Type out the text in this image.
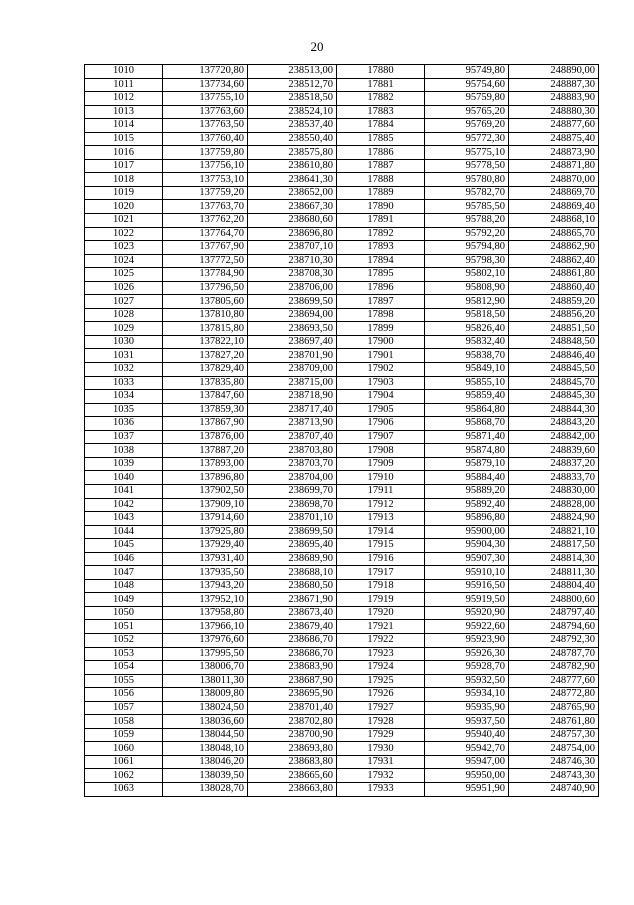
20
1010	137720,80	238513,00	17880	95749,80	248890,00
1011	137734,60	238512,70	17881	95754,60	248887,30
1012	137755,10	238518,50	17882	95759,80	248883,90
1013	137763,60	238524,10	17883	95765,20	248880,30
1014	137763,50	238537,40	17884	95769,20	248877,60
1015	137760,40	238550,40	17885	95772,30	248875,40
1016	137759,80	238575,80	17886	95775,10	248873,90
1017	137756,10	238610,80	17887	95778,50	248871,80
1018	137753,10	238641,30	17888	95780,80	248870,00
1019	137759,20	238652,00	17889	95782,70	248869,70
1020	137763,70	238667,30	17890	95785,50	248869,40
1021	137762,20	238680,60	17891	95788,20	248868,10
1022	137764,70	238696,80	17892	95792,20	248865,70
1023	137767,90	238707,10	17893	95794,80	248862,90
1024	137772,50	238710,30	17894	95798,30	248862,40
1025	137784,90	238708,30	17895	95802,10	248861,80
1026	137796,50	238706,00	17896	95808,90	248860,40
1027	137805,60	238699,50	17897	95812,90	248859,20
1028	137810,80	238694,00	17898	95818,50	248856,20
1029	137815,80	238693,50	17899	95826,40	248851,50
1030	137822,10	238697,40	17900	95832,40	248848,50
1031	137827,20	238701,90	17901	95838,70	248846,40
1032	137829,40	238709,00	17902	95849,10	248845,50
1033	137835,80	238715,00	17903	95855,10	248845,70
1034	137847,60	238718,90	17904	95859,40	248845,30
1035	137859,30	238717,40	17905	95864,80	248844,30
1036	137867,90	238713,90	17906	95868,70	248843,20
1037	137876,00	238707,40	17907	95871,40	248842,00
1038	137887,20	238703,80	17908	95874,80	248839,60
1039	137893,00	238703,70	17909	95879,10	248837,20
1040	137896,80	238704,00	17910	95884,40	248833,70
1041	137902,50	238699,70	17911	95889,20	248830,00
1042	137909,10	238698,70	17912	95892,40	248828,00
1043	137914,60	238701,10	17913	95896,80	248824,90
1044	137925,80	238699,50	17914	95900,00	248821,10
1045	137929,40	238695,40	17915	95904,30	248817,50
1046	137931,40	238689,90	17916	95907,30	248814,30
1047	137935,50	238688,10	17917	95910,10	248811,30
1048	137943,20	238680,50	17918	95916,50	248804,40
1049	137952,10	238671,90	17919	95919,50	248800,60
1050	137958,80	238673,40	17920	95920,90	248797,40
1051	137966,10	238679,40	17921	95922,60	248794,60
1052	137976,60	238686,70	17922	95923,90	248792,30
1053	137995,50	238686,70	17923	95926,30	248787,70
1054	138006,70	238683,90	17924	95928,70	248782,90
1055	138011,30	238687,90	17925	95932,50	248777,60
1056	138009,80	238695,90	17926	95934,10	248772,80
1057	138024,50	238701,40	17927	95935,90	248765,90
1058	138036,60	238702,80	17928	95937,50	248761,80
1059	138044,50	238700,90	17929	95940,40	248757,30
1060	138048,10	238693,80	17930	95942,70	248754,00
1061	138046,20	238683,80	17931	95947,00	248746,30
1062	138039,50	238665,60	17932	95950,00	248743,30
1063	138028,70	238663,80	17933	95951,90	248740,90
